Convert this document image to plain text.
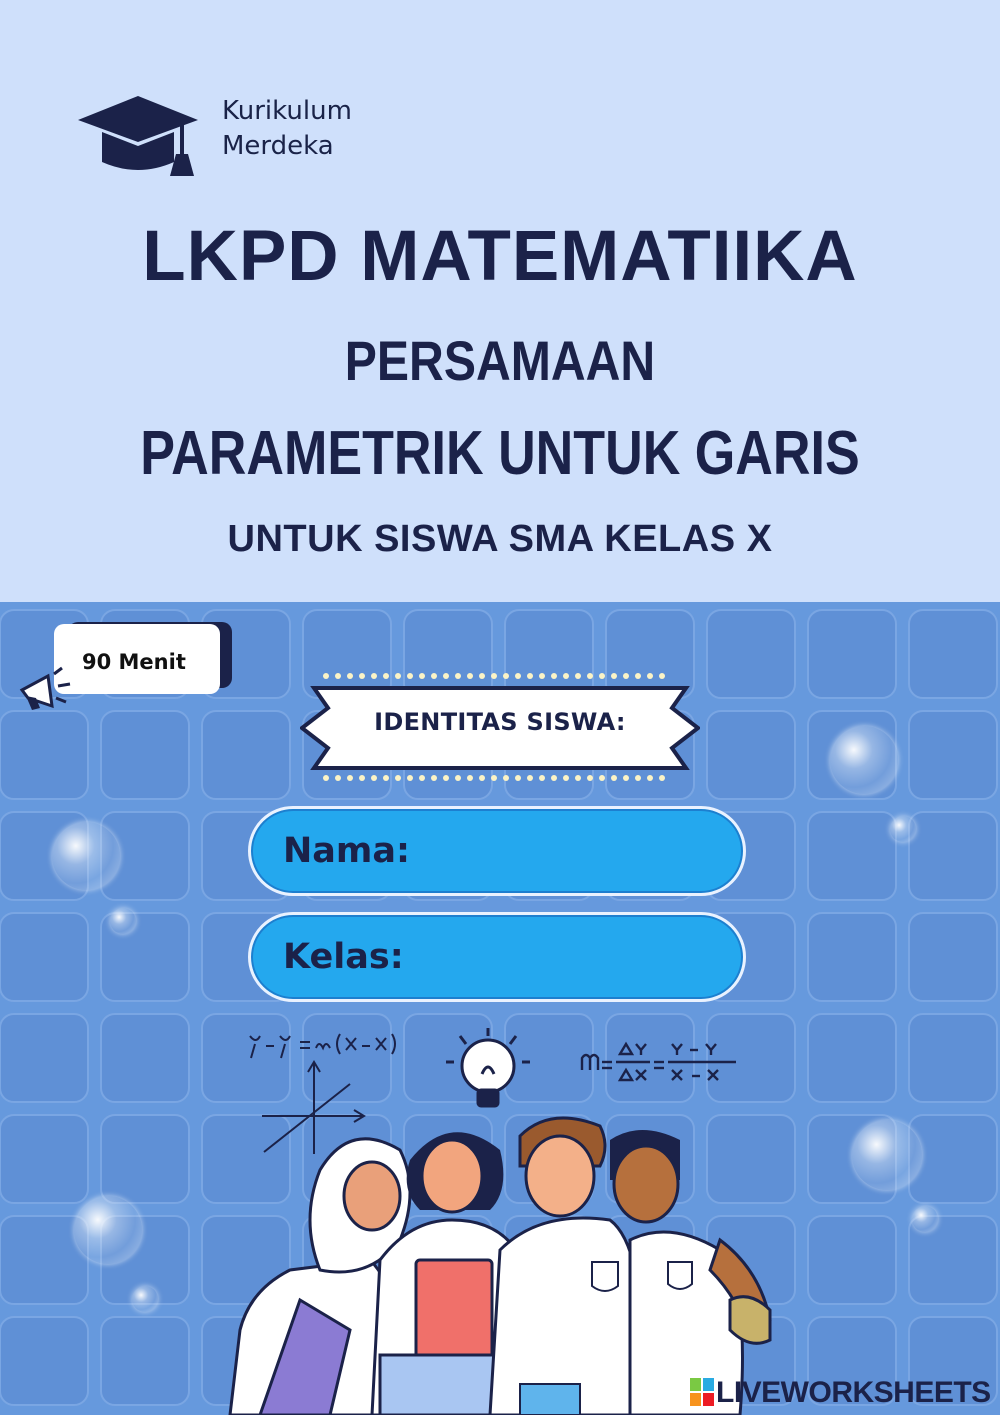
Kurikulum
Merdeka
LKPD MATEMATIIKA
PERSAMAAN
PARAMETRIK UNTUK GARIS
UNTUK SISWA SMA KELAS X
90 Menit
IDENTITAS SISWA:
Nama:
Kelas:
LIVEWORKSHEETS
